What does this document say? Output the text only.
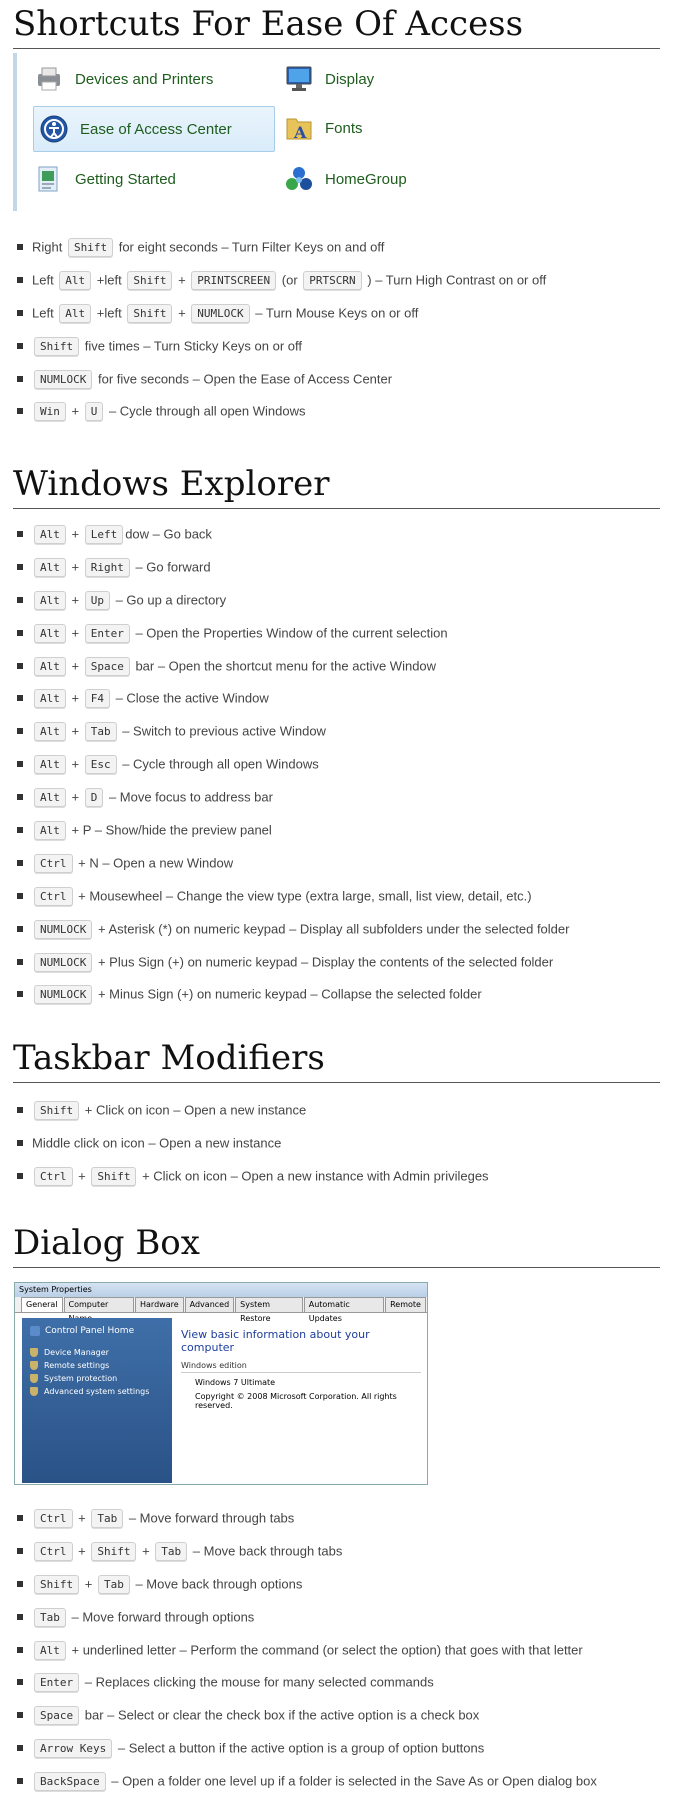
Shortcuts For Ease Of Access
Devices and Printers	Display
Ease of Access Center	A Fonts
Getting Started	HomeGroup
Right Shift for eight seconds – Turn Filter Keys on and off
Left Alt +left Shift + PRINTSCREEN (or PRTSCRN ) – Turn High Contrast on or off
Left Alt +left Shift + NUMLOCK – Turn Mouse Keys on or off
Shift five times – Turn Sticky Keys on or off
NUMLOCK for five seconds – Open the Ease of Access Center
Win + U – Cycle through all open Windows
Windows Explorer
Alt + Left dow – Go back
Alt + Right – Go forward
Alt + Up – Go up a directory
Alt + Enter – Open the Properties Window of the current selection
Alt + Space bar – Open the shortcut menu for the active Window
Alt + F4 – Close the active Window
Alt + Tab – Switch to previous active Window
Alt + Esc – Cycle through all open Windows
Alt + D – Move focus to address bar
Alt + P – Show/hide the preview panel
Ctrl + N – Open a new Window
Ctrl + Mousewheel – Change the view type (extra large, small, list view, detail, etc.)
NUMLOCK + Asterisk (*) on numeric keypad – Display all subfolders under the selected folder
NUMLOCK + Plus Sign (+) on numeric keypad – Display the contents of the selected folder
NUMLOCK + Minus Sign (+) on numeric keypad – Collapse the selected folder
Taskbar Modifiers
Shift + Click on icon – Open a new instance
Middle click on icon – Open a new instance
Ctrl + Shift + Click on icon – Open a new instance with Admin privileges
Dialog Box
System Properties
General	Computer	Hardware	Advanced	System Restore
Automatic Updates
Remote
Control Panel Home
Device Manager
Remote settings
System protection
Advanced system settings
View basic information about your computer
Windows edition
Windows 7 Ultimate
Copyright © 2008 Microsoft Corporation. All rights reserved.
Ctrl + Tab – Move forward through tabs
Ctrl + Shift + Tab – Move back through tabs
Shift + Tab – Move back through options
Tab – Move forward through options
Alt + underlined letter – Perform the command (or select the option) that goes with that letter
Enter – Replaces clicking the mouse for many selected commands
Space bar – Select or clear the check box if the active option is a check box
Arrow Keys – Select a button if the active option is a group of option buttons
BackSpace – Open a folder one level up if a folder is selected in the Save As or Open dialog box
